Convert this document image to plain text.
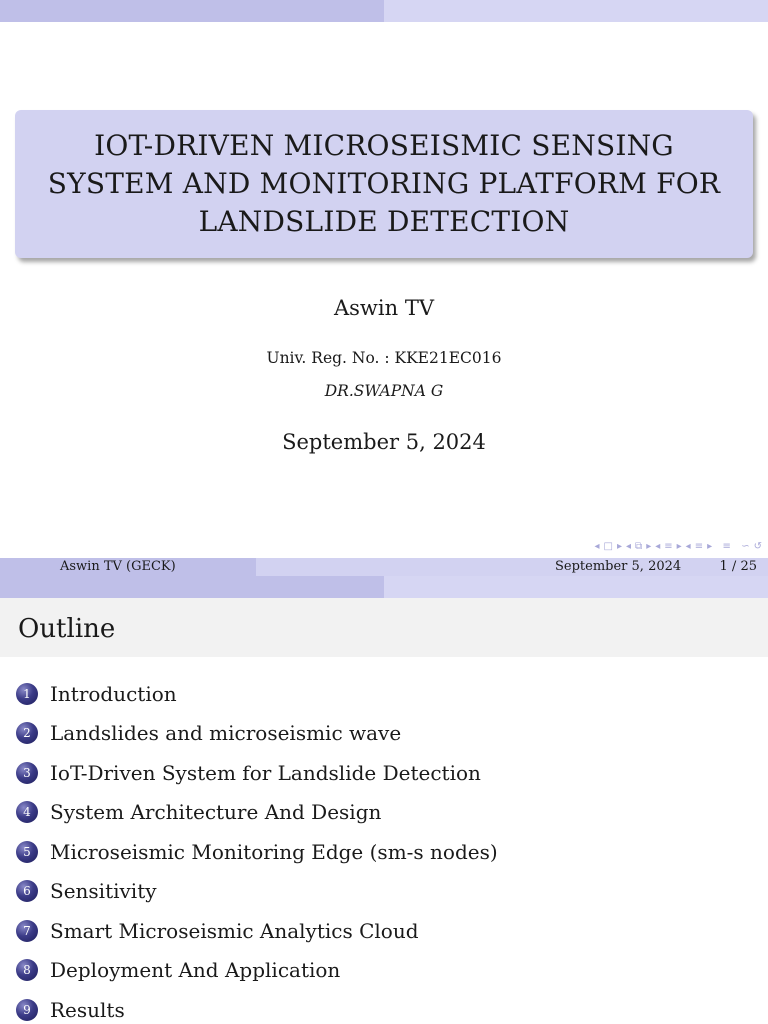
IOT-DRIVEN MICROSEISMIC SENSING
SYSTEM AND MONITORING PLATFORM FOR
LANDSLIDE DETECTION
Aswin TV
Univ. Reg. No. : KKE21EC016
DR.SWAPNA G
September 5, 2024
◂ □ ▸ ◂ ⧉ ▸ ◂ ≡ ▸ ◂ ≡ ▸ ≡ ∽ ↺
Aswin TV (GECK)	September 5, 2024	1 / 25
Outline
1 Introduction
2 Landslides and microseismic wave
3 IoT-Driven System for Landslide Detection
4 System Architecture And Design
5 Microseismic Monitoring Edge (sm-s nodes)
6 Sensitivity
7 Smart Microseismic Analytics Cloud
8 Deployment And Application
9 Results
